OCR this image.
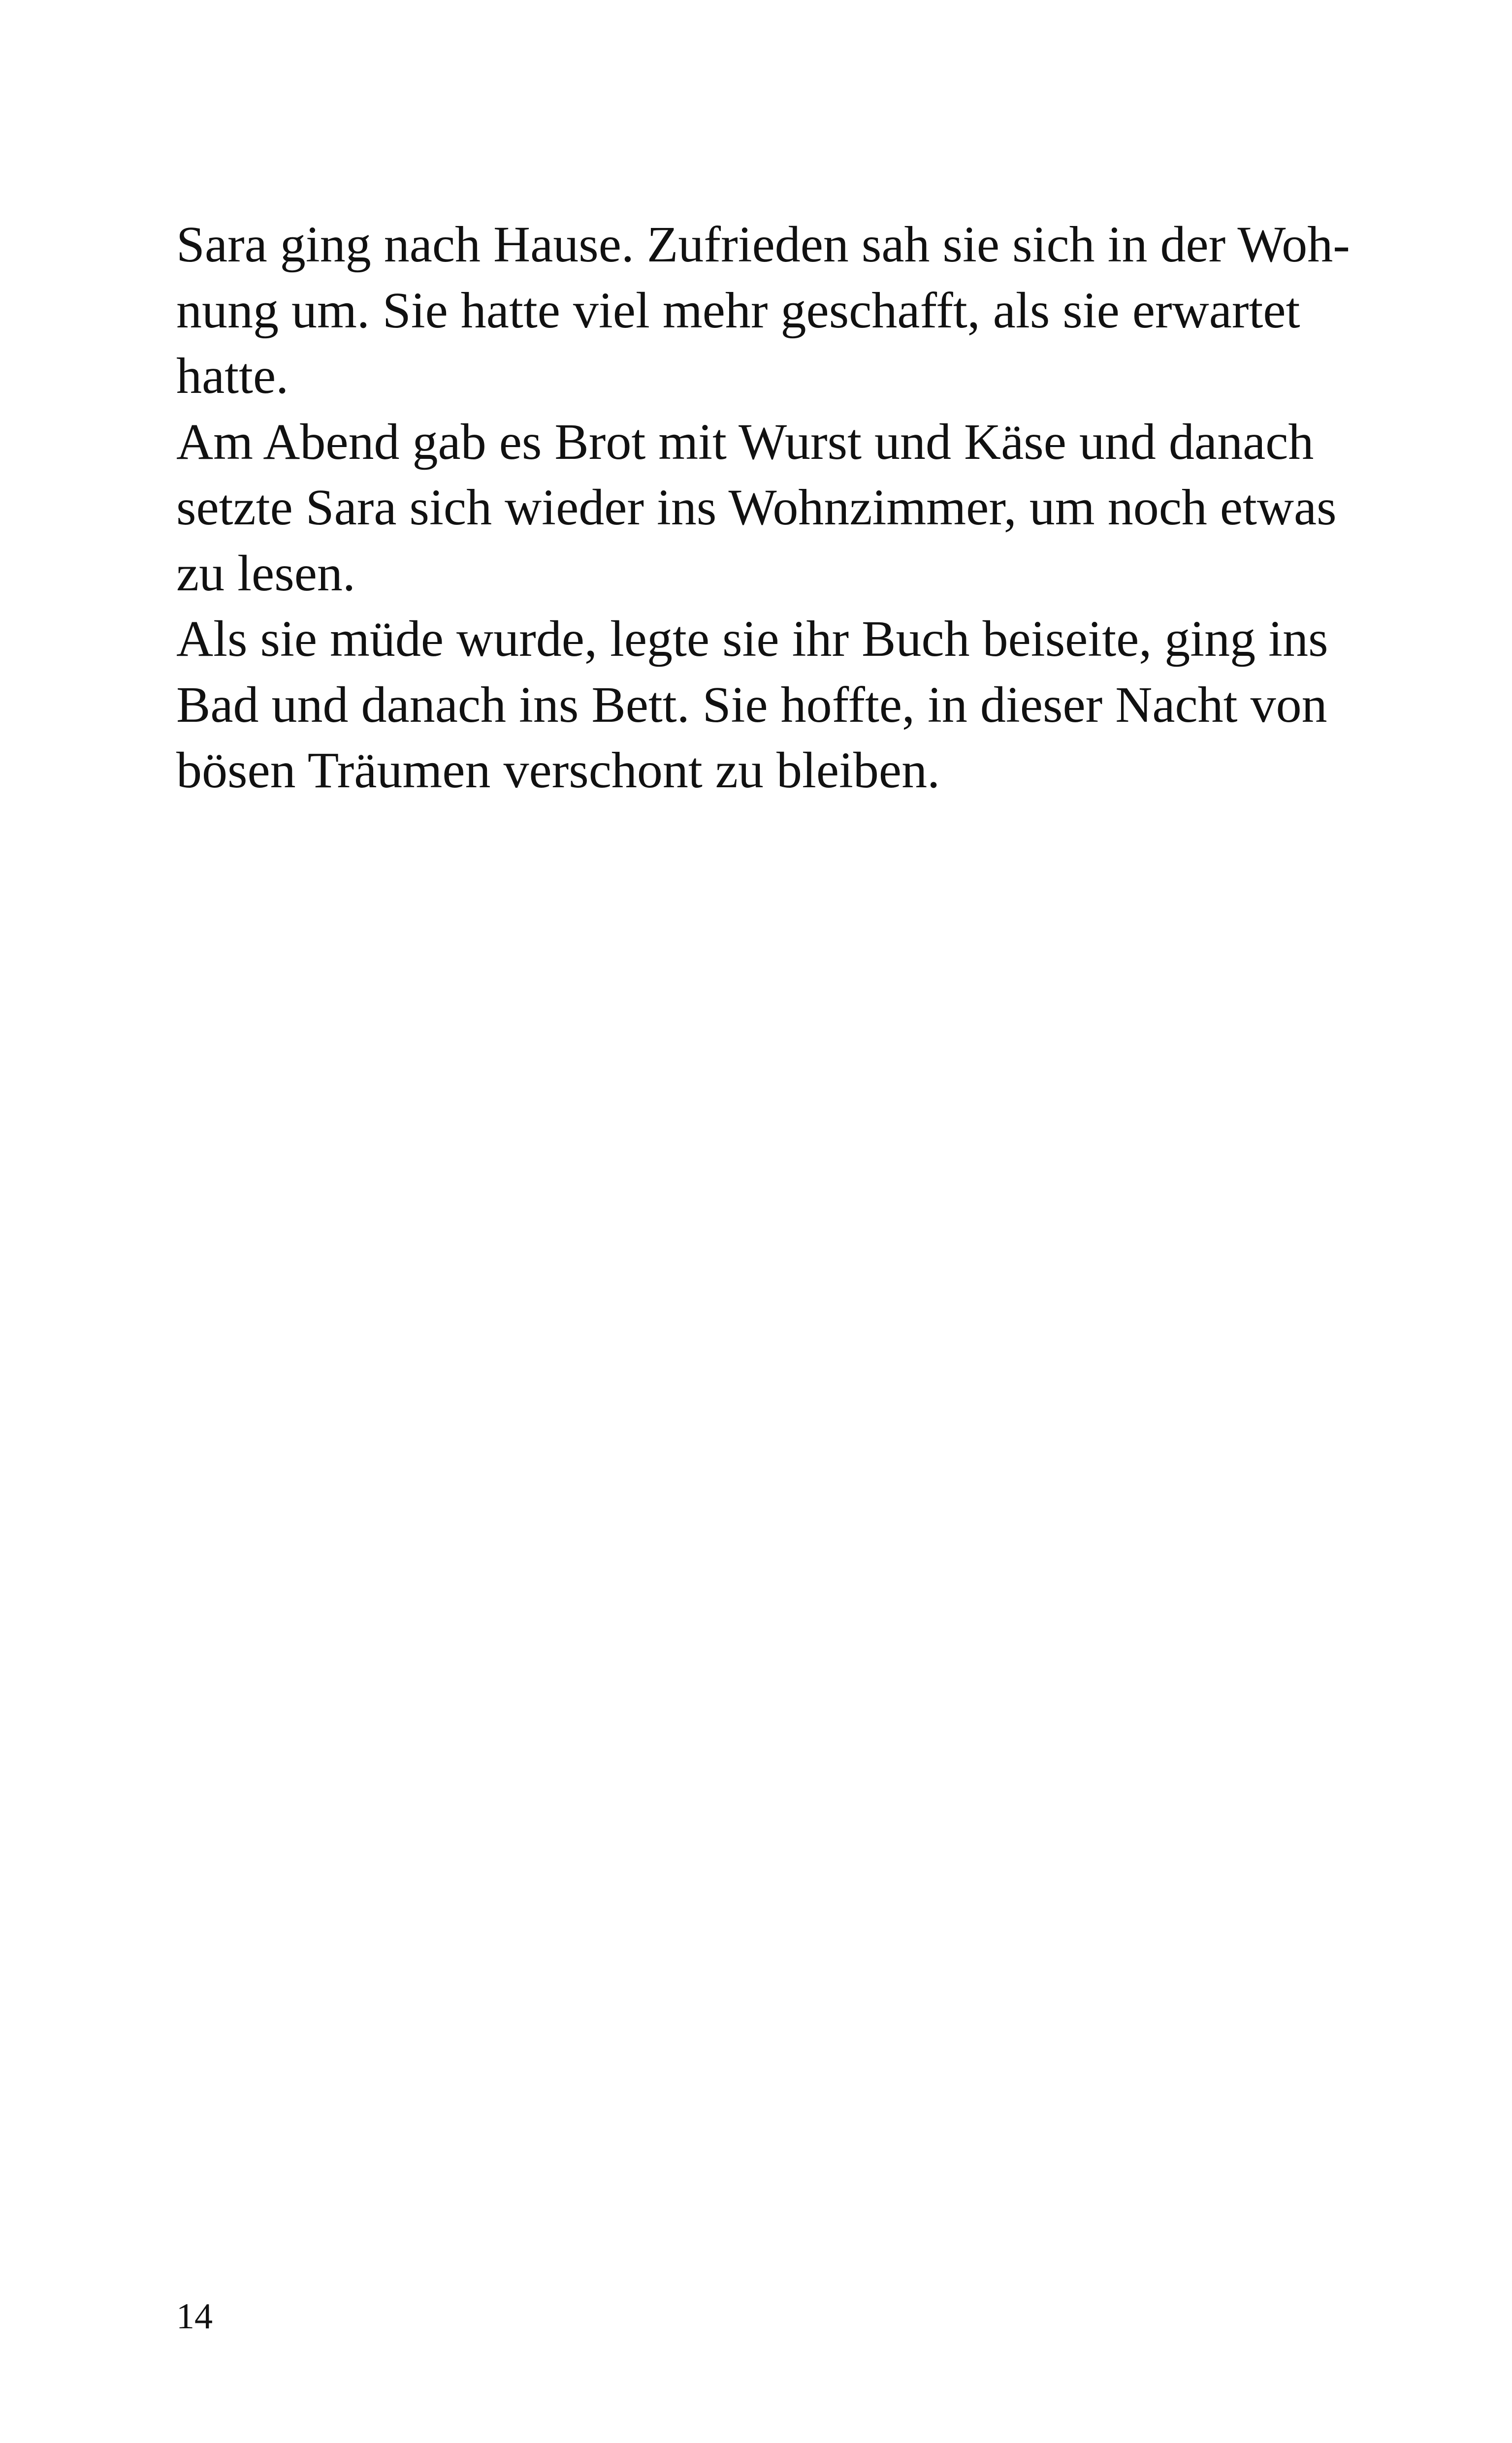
Sara ging nach Hause. Zufrieden sah sie sich in der Woh-
nung um. Sie hatte viel mehr geschafft, als sie erwartet
hatte.
Am Abend gab es Brot mit Wurst und Käse und danach
setzte Sara sich wieder ins Wohnzimmer, um noch etwas
zu lesen.
Als sie müde wurde, legte sie ihr Buch beiseite, ging ins
Bad und danach ins Bett. Sie hoffte, in dieser Nacht von
bösen Träumen verschont zu bleiben.
14
